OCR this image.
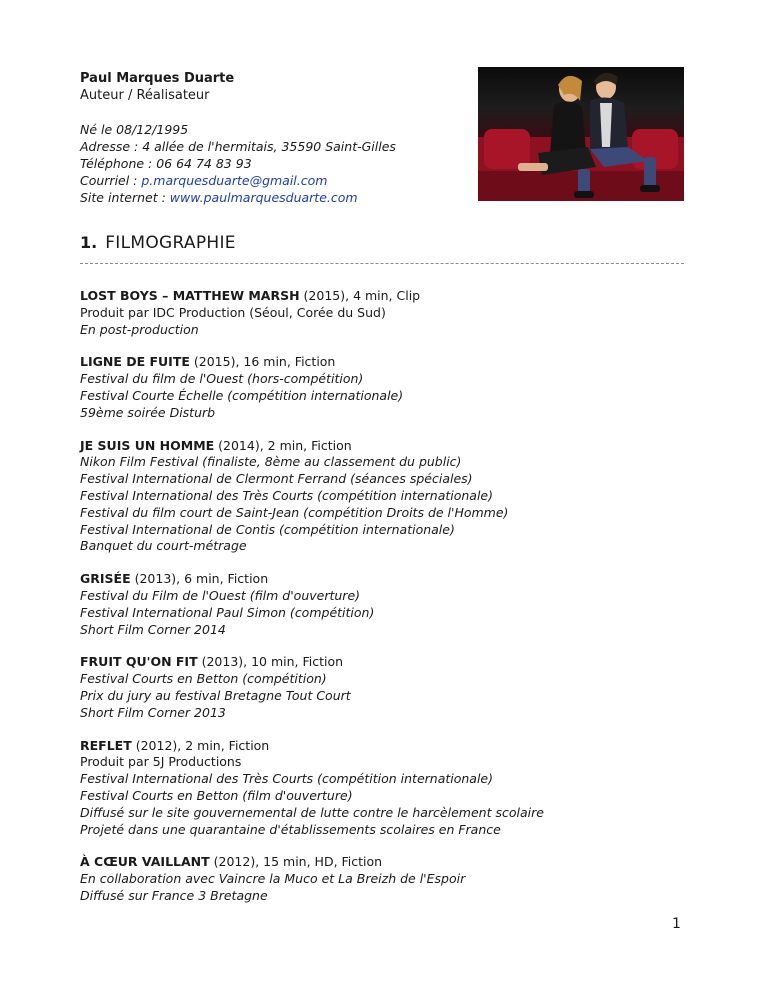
Paul Marques Duarte
Auteur / Réalisateur
Né le 08/12/1995
Adresse : 4 allée de l'hermitais, 35590 Saint-Gilles
Téléphone : 06 64 74 83 93
Courriel : p.marquesduarte@gmail.com
Site internet : www.paulmarquesduarte.com
1. FILMOGRAPHIE
LOST BOYS – MATTHEW MARSH (2015), 4 min, Clip
Produit par IDC Production (Séoul, Corée du Sud)
En post-production
LIGNE DE FUITE (2015), 16 min, Fiction
Festival du film de l'Ouest (hors-compétition)
Festival Courte Échelle (compétition internationale)
59ème soirée Disturb
JE SUIS UN HOMME (2014), 2 min, Fiction
Nikon Film Festival (finaliste, 8ème au classement du public)
Festival International de Clermont Ferrand (séances spéciales)
Festival International des Très Courts (compétition internationale)
Festival du film court de Saint-Jean (compétition Droits de l'Homme)
Festival International de Contis (compétition internationale)
Banquet du court-métrage
GRISÉE (2013), 6 min, Fiction
Festival du Film de l'Ouest (film d'ouverture)
Festival International Paul Simon (compétition)
Short Film Corner 2014
FRUIT QU'ON FIT (2013), 10 min, Fiction
Festival Courts en Betton (compétition)
Prix du jury au festival Bretagne Tout Court
Short Film Corner 2013
REFLET (2012), 2 min, Fiction
Produit par 5J Productions
Festival International des Très Courts (compétition internationale)
Festival Courts en Betton (film d'ouverture)
Diffusé sur le site gouvernemental de lutte contre le harcèlement scolaire
Projeté dans une quarantaine d'établissements scolaires en France
À CŒUR VAILLANT (2012), 15 min, HD, Fiction
En collaboration avec Vaincre la Muco et La Breizh de l'Espoir
Diffusé sur France 3 Bretagne
1
